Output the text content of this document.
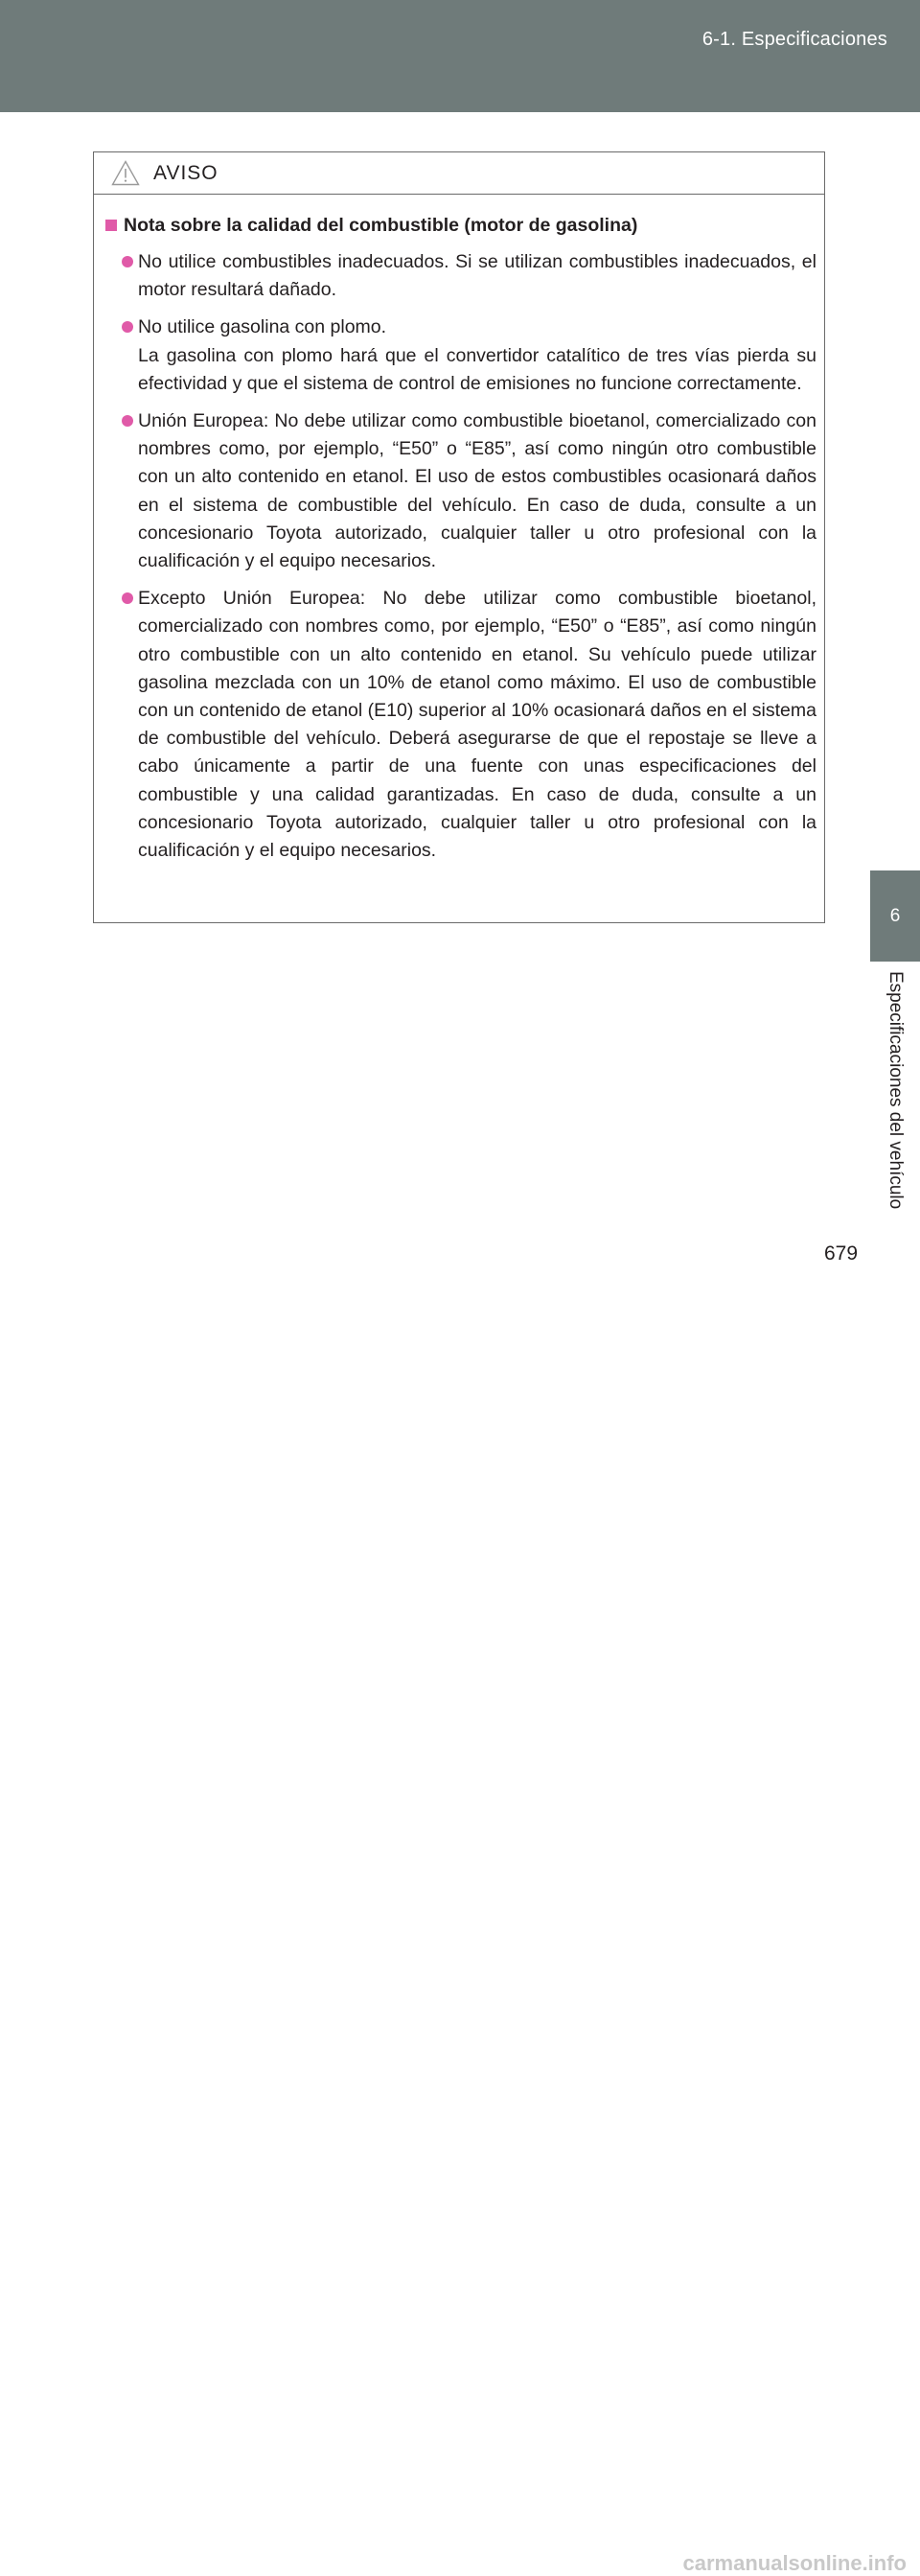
6-1. Especificaciones
6
Especificaciones del vehículo
AVISO
Nota sobre la calidad del combustible (motor de gasolina)
No utilice combustibles inadecuados. Si se utilizan combustibles inadecuados, el motor resultará dañado.
No utilice gasolina con plomo.
La gasolina con plomo hará que el convertidor catalítico de tres vías pierda su efectividad y que el sistema de control de emisiones no funcione correctamente.
Unión Europea: No debe utilizar como combustible bioetanol, comercializado con nombres como, por ejemplo, “E50” o “E85”, así como ningún otro combustible con un alto contenido en etanol. El uso de estos combustibles ocasionará daños en el sistema de combustible del vehículo. En caso de duda, consulte a un concesionario Toyota autorizado, cualquier taller u otro profesional con la cualificación y el equipo necesarios.
Excepto Unión Europea: No debe utilizar como combustible bioetanol, comercializado con nombres como, por ejemplo, “E50” o “E85”, así como ningún otro combustible con un alto contenido en etanol. Su vehículo puede utilizar gasolina mezclada con un 10% de etanol como máximo. El uso de combustible con un contenido de etanol (E10) superior al 10% ocasionará daños en el sistema de combustible del vehículo. Deberá asegurarse de que el repostaje se lleve a cabo únicamente a partir de una fuente con unas especificaciones del combustible y una calidad garantizadas. En caso de duda, consulte a un concesionario Toyota autorizado, cualquier taller u otro profesional con la cualificación y el equipo necesarios.
679
carmanualsonline.info
